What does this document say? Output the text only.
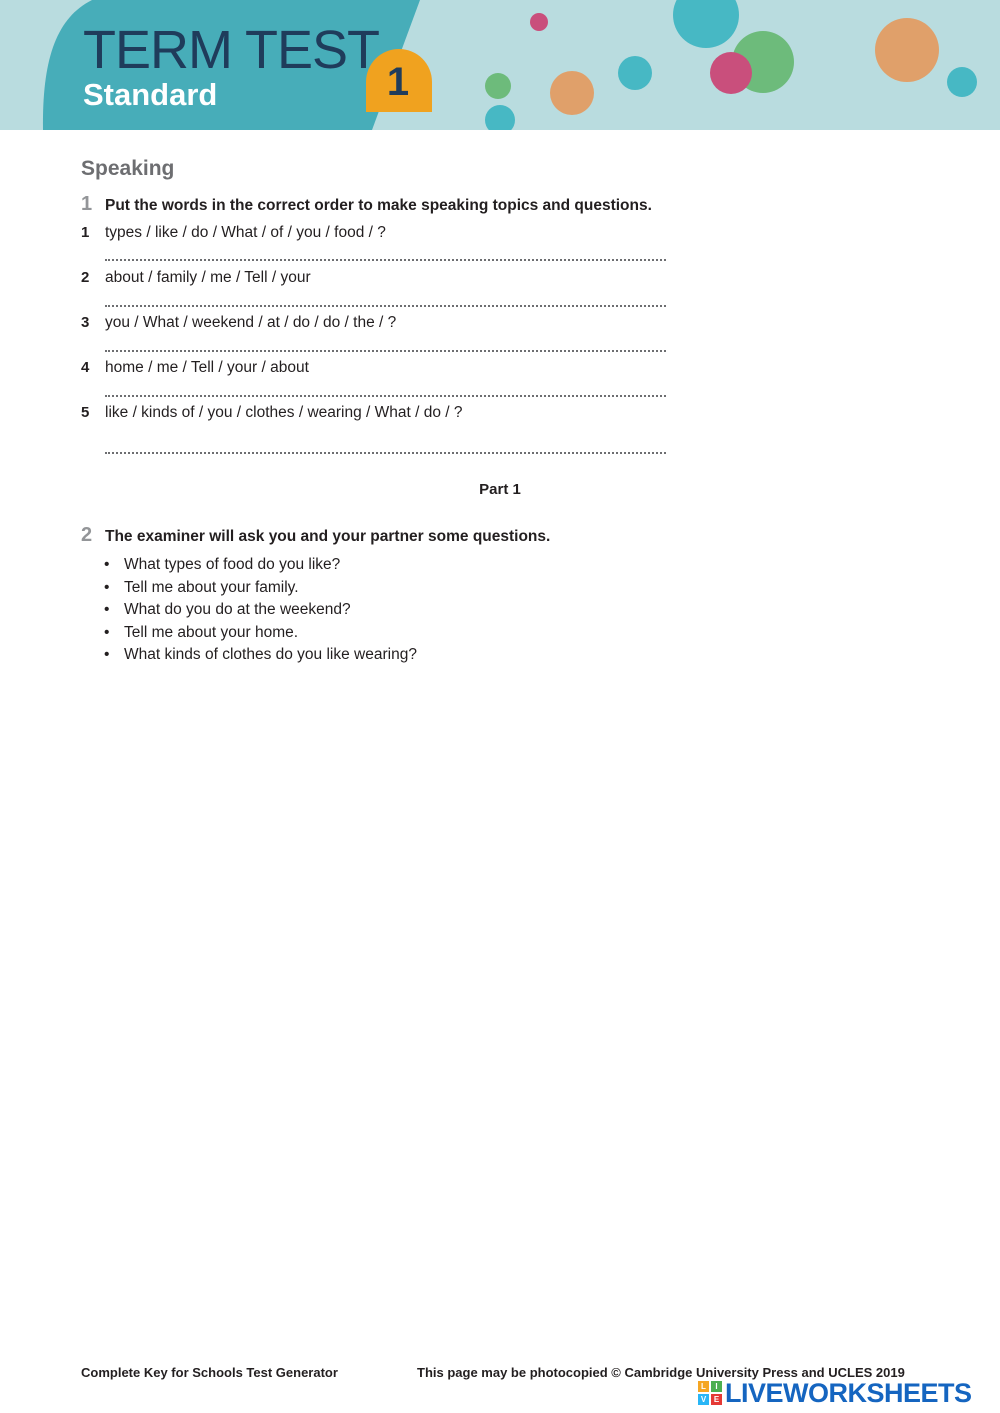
TERM TEST
Standard	1
Speaking
1 Put the words in the correct order to make speaking topics and questions.
1 types / like / do / What / of / you / food / ?
2 about / family / me / Tell / your
3 you / What / weekend / at / do / do / the / ?
4 home / me / Tell / your / about
5 like / kinds of / you / clothes / wearing / What / do / ?
Part 1
2 The examiner will ask you and your partner some questions.
• What types of food do you like?
• Tell me about your family.
• What do you do at the weekend?
• Tell me about your home.
• What kinds of clothes do you like wearing?
Complete Key for Schools Test Generator	This page may be photocopied © Cambridge University Press and UCLES 2019
L	I
V E LIVEWORKSHEETS
